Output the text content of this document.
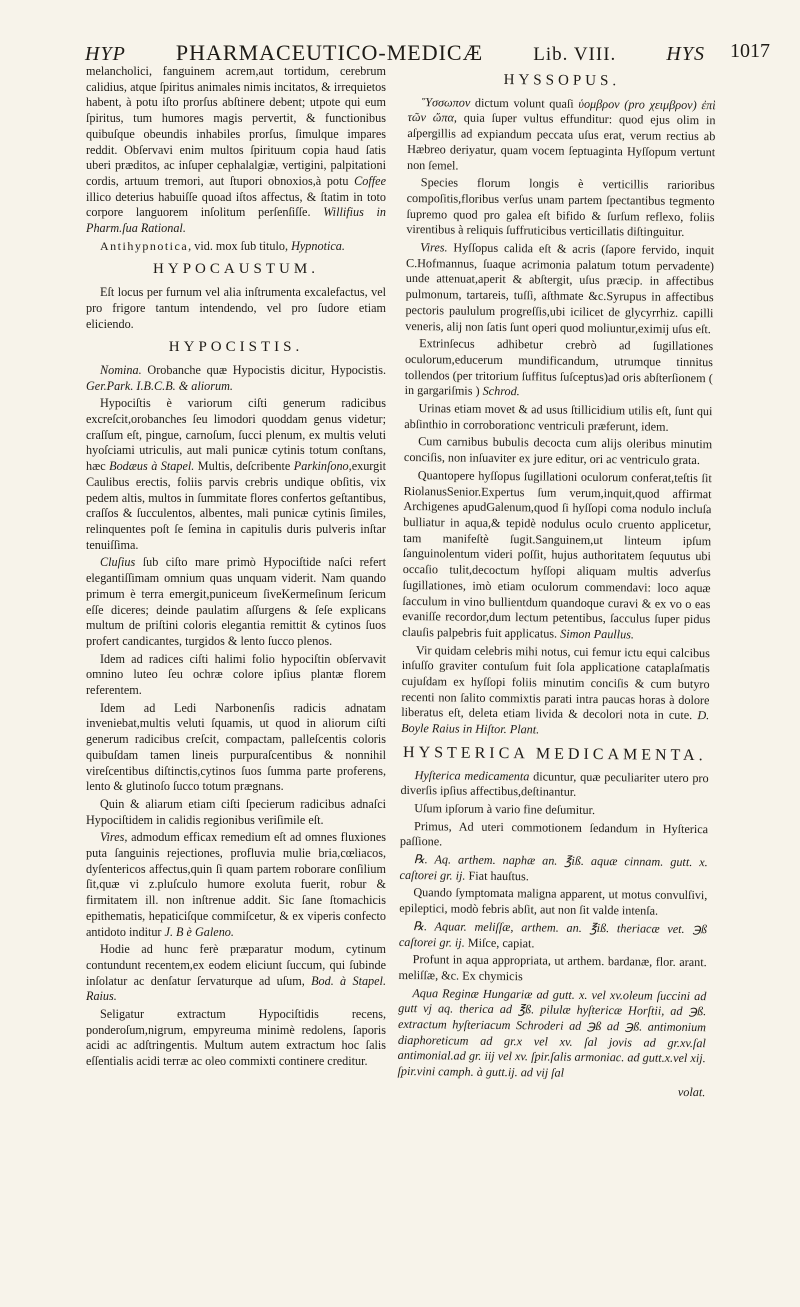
HYP PHARMACEUTICO-MEDICÆ	Lib. VIII.	HYS 1017

melancholici, fanguinem acrem,aut tortidum, cerebrum calidius, atque ſpiritus animales nimis incitatos, & irrequietos habent, à potu iſto prorſus abſtinere debent; utpote qui eum ſpiritus, tum humores magis pervertit, & functionibus quibuſque obeundis inhabiles prorſus, ſimulque impares reddit. Obſervavi enim multos ſpirituum copia haud ſatis uberi præditos, ac inſuper cephalalgiæ, vertigini, palpitationi cordis, artuum tremori, aut ſtupori obnoxios,à potu Coffee illico deterius habuiſſe quoad iſtos affectus, & ſtatim in toto corpore languorem inſolitum perſenſiſſe. Willifius in Pharm.ſua Rational.

Antihypnotica, vid. mox ſub titulo, Hypnotica.

HYPOCAUSTUM.

Eſt locus per furnum vel alia inſtrumenta excalefactus, vel pro frigore tantum intendendo, vel pro ſudore etiam eliciendo.

HYPOCISTIS.

Nomina. Orobanche quæ Hypocistis dicitur, Hypocistis. Ger.Park. I.B.C.B. & aliorum.

Hypociſtis è variorum ciſti generum radicibus excreſcit,orobanches ſeu limodori quoddam genus videtur; craſſum eſt, pingue, carnoſum, ſucci plenum, ex multis veluti hyoſciami utriculis, aut mali punicæ cytinis totum conſtans, hæc Bodæus à Stapel. Multis, deſcribente Parkinſono,exurgit Caulibus erectis, foliis parvis crebris undique obſitis, vix pedem altis, multos in ſummitate flores confertos geſtantibus, craſſos & ſucculentos, albentes, mali punicæ cytinis ſimiles, relinquentes poſt ſe ſemina in capitulis duris pulveris inſtar tenuiſſima.

Cluſius ſub ciſto mare primò Hypociſtide naſci refert elegantiſſimam omnium quas unquam viderit. Nam quando primum è terra emergit,puniceum ſiveKermeſinum ſericum eſſe diceres; deinde paulatim aſſurgens & ſeſe explicans multum de priſtini coloris elegantia remittit & cytinos ſuos profert candicantes, turgidos & lento ſucco plenos.

Idem ad radices ciſti halimi folio hypociſtin obſervavit omnino luteo ſeu ochræ colore ipſius plantæ florem referentem.

Idem ad Ledi Narbonenſis radicis adnatam inveniebat,multis veluti ſquamis, ut quod in aliorum ciſti generum radicibus creſcit, compactam, palleſcentis coloris quibuſdam tamen lineis purpuraſcentibus & nonnihil vireſcentibus diſtinctis,cytinos ſuos ſumma parte proferens, lento & glutinoſo ſucco totum prægnans.

Quin & aliarum etiam ciſti ſpecierum radicibus adnaſci Hypociſtidem in calidis regionibus veriſimile eſt.

Vires, admodum efficax remedium eſt ad omnes fluxiones puta ſanguinis rejectiones, profluvia mulie bria,cœliacos, dyſentericos affectus,quin ſi quam partem roborare conſilium ſit,quæ vi z.pluſculo humore exoluta fuerit, robur & firmitatem ill. non inſtrenue addit. Sic ſane ſtomachicis epithematis, hepaticiſque commiſcetur, & ex viperis confecto antidoto inditur J. B è Galeno.

Hodie ad hunc ferè præparatur modum, cytinum contundunt recentem,ex eodem eliciunt ſuccum, qui ſubinde inſolatur ac denſatur ſervaturque ad uſum, Bod. à Stapel. Raius.

Seligatur extractum Hypociſtidis recens, ponderoſum,nigrum, empyreuma minimè redolens, ſaporis acidi ac adſtringentis. Multum autem extractum hoc ſalis eſſentialis acidi terræ ac oleo commixti continere creditur.

HYSSOPUS.

Ὕσσωπον dictum volunt quaſi ὑομβρον (pro χειμβρον) ἐπὶ τῶν ὤπα, quia ſuper vultus effunditur: quod ejus olim in aſpergillis ad expiandum peccata uſus erat, verum rectius ab Hæbreo deriyatur, quam vocem ſeptuaginta Hyſſopum vertunt non ſemel.

Species florum longis è verticillis rarioribus compoſitis,floribus verſus unam partem ſpectantibus tegmento ſupremo quod pro galea eſt bifido & ſurſum reflexo, foliis virentibus à reliquis ſuffruticibus verticillatis diſtinguitur.

Vires. Hyſſopus calida eſt & acris (ſapore fervido, inquit C.Hofmannus, ſuaque acrimonia palatum totum pervadente) unde attenuat,aperit & abſtergit, uſus præcip. in affectibus pulmonum, tartareis, tuſſi, aſthmate &c.Syrupus in affectibus pectoris paululum progreſſis,ubi icilicet de glycyrrhiz. capilli veneris, alij non ſatis ſunt operi quod moliuntur,eximij uſus eſt.

Extrinſecus adhibetur crebrò ad ſugillationes oculorum,educerum mundificandum, utrumque tinnitus tollendos (per tritorium ſuffitus ſuſceptus)ad oris abſterſionem ( in gargariſmis ) Schrod.

Urinas etiam movet & ad usus ſtillicidium utilis eſt, ſunt qui abſinthio in corroborationc ventriculi præferunt, idem.

Cum carnibus bubulis decocta cum alijs oleribus minutim conciſis, non inſuaviter ex jure editur, ori ac ventriculo grata.

Quantopere hyſſopus ſugillationi oculorum conferat,teſtis ſit RiolanusSenior.Expertus ſum verum,inquit,quod affirmat Archigenes apudGalenum,quod ſi hyſſopi coma nodulo incluſa bulliatur in aqua,& tepidè nodulus oculo cruento applicetur, tam manifeſtè ſugit.Sanguinem,ut linteum ipſum ſanguinolentum videri poſſit, hujus authoritatem ſequutus ubi occaſio tulit,decoctum hyſſopi aliquam multis adverſus ſugillationes, imò etiam oculorum commendavi: loco aquæ ſacculum in vino bullientdum quandoque curavi & ex vo o eas evaniſſe recordor,dum lectum petentibus, ſacculus ſuper pidus clauſis palpebris fuit applicatus. Simon Paullus.

Vir quidam celebris mihi notus, cui femur ictu equi calcibus inſuſſo graviter contuſum fuit ſola applicatione cataplaſmatis cujuſdam ex hyſſopi foliis minutim conciſis & cum butyro recenti non ſalito commixtis parati intra paucas horas à dolore liberatus eſt, deleta etiam livida & decolori nota in cute. D. Boyle Raius in Hiſtor. Plant.

HYSTERICA MEDICAMENTA.

Hyſterica medicamenta dicuntur, quæ peculiariter utero pro diverſis ipſius affectibus,deſtinantur.

Uſum ipſorum à vario fine deſumitur.

Primus, Ad uteri commotionem ſedandum in Hyſterica paſſione.

℞. Aq. arthem. naphæ an. ℥iß. aquæ cinnam. gutt. x. caſtorei gr. ij. Fiat hauſtus.

Quando ſymptomata maligna apparent, ut motus convulſivi, epileptici, modò febris abſit, aut non ſit valde intenſa.

℞. Aquar. meliſſæ, arthem. an. ℥iß. theriacæ vet. ℈ß caſtorei gr. ij. Miſce, capiat.

Profunt in aqua appropriata, ut arthem. bardanæ, flor. arant. meliſſæ, &c. Ex chymicis

Aqua Reginæ Hungariæ ad gutt. x. vel xv.oleum ſuccini ad gutt vj aq. therica ad ℥ß. pilulæ hyſtericæ Horſtii, ad ℈ß. extractum hyſteriacum Schroderi ad ℈ß ad ℈ß. antimonium diaphoreticum ad gr.x vel xv. ſal jovis ad gr.xv.ſal antimonial.ad gr. iij vel xv. ſpir.ſalis armoniac. ad gutt.x.vel xij. ſpir.vini camph. à gutt.ij. ad vij ſal

volat.
